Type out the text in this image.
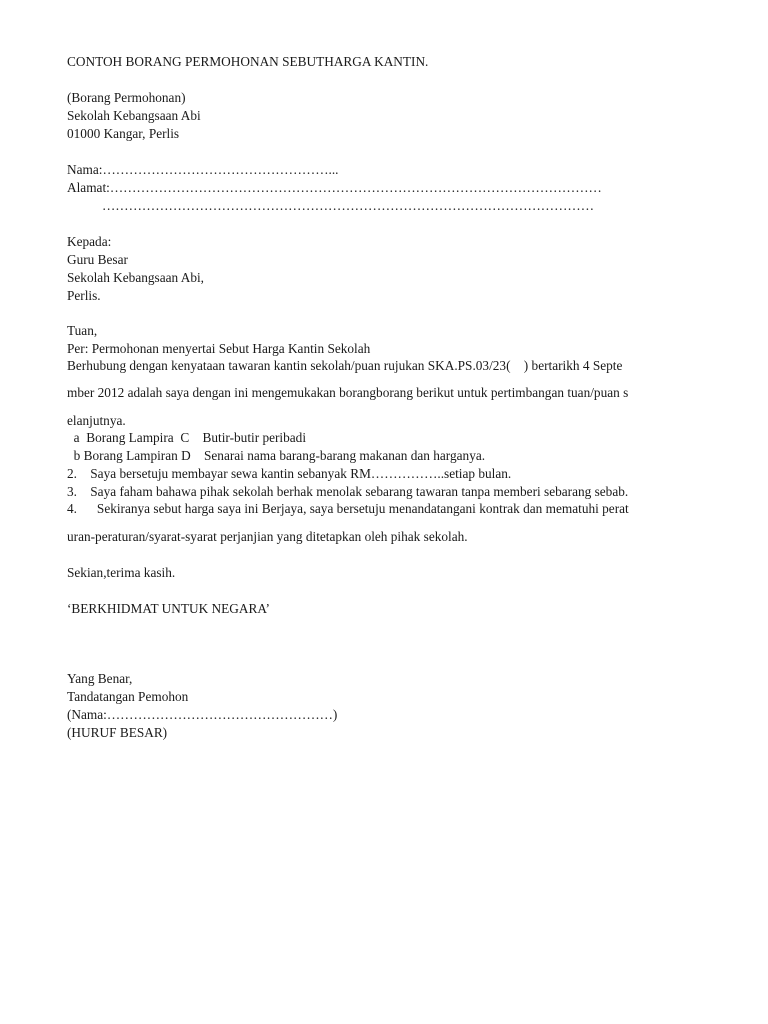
CONTOH BORANG PERMOHONAN SEBUTHARGA KANTIN.

(Borang Permohonan)

Sekolah Kebangsaan Abi

01000 Kangar, Perlis

Nama:……………………………………………...

Alamat:…………………………………………………………………………………………………

…………………………………………………………………………………………………

Kepada:

Guru Besar

Sekolah Kebangsaan Abi,

Perlis.

Tuan,

Per: Permohonan menyertai Sebut Harga Kantin Sekolah

Berhubung dengan kenyataan tawaran kantin sekolah/puan rujukan SKA.PS.03/23(    ) bertarikh 4 Septe

mber 2012 adalah saya dengan ini mengemukakan borangborang berikut untuk pertimbangan tuan/puan s

elanjutnya.

a  Borang Lampira  C    Butir-butir peribadi

b Borang Lampiran D    Senarai nama barang-barang makanan dan harganya.

2.    Saya bersetuju membayar sewa kantin sebanyak RM……………..setiap bulan.

3.    Saya faham bahawa pihak sekolah berhak menolak sebarang tawaran tanpa memberi sebarang sebab.

4.      Sekiranya sebut harga saya ini Berjaya, saya bersetuju menandatangani kontrak dan mematuhi perat

uran-peraturan/syarat-syarat perjanjian yang ditetapkan oleh pihak sekolah.

Sekian,terima kasih.

‘BERKHIDMAT UNTUK NEGARA’

Yang Benar,

Tandatangan Pemohon

(Nama:……………………………………………)

(HURUF BESAR)
